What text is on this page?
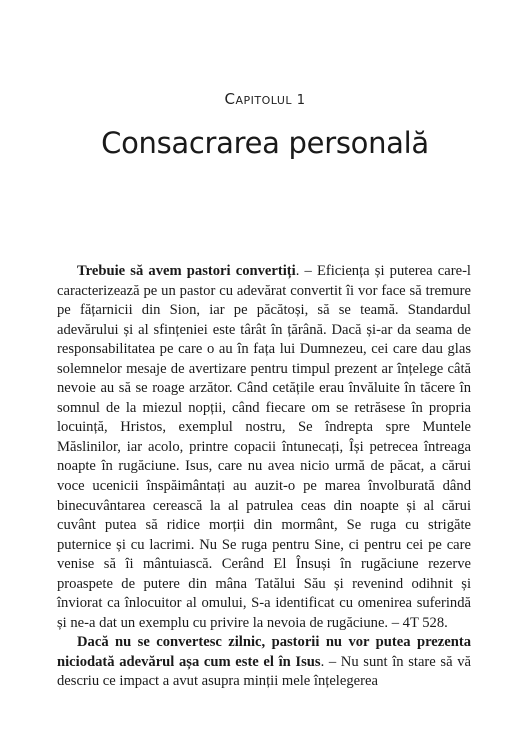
CAPITOLUL 1
Consacrarea personală

Trebuie să avem pastori convertiți. – Eficiența și puterea care-l caracterizează pe un pastor cu adevărat convertit îi vor face să tremure pe fățarnicii din Sion, iar pe păcătoși, să se teamă. Standardul adevărului și al sfințeniei este târât în țărână. Dacă și-ar da seama de responsabilitatea pe care o au în fața lui Dumnezeu, cei care dau glas solemnelor mesaje de avertizare pentru timpul prezent ar înțelege câtă nevoie au să se roage arzător. Când cetățile erau învăluite în tăcere în somnul de la miezul nopții, când fiecare om se retrăsese în propria locuință, Hristos, exemplul nostru, Se îndrepta spre Muntele Măslinilor, iar acolo, printre copacii întunecați, Își petrecea întreaga noapte în rugăciune. Isus, care nu avea nicio urmă de păcat, a cărui voce ucenicii înspăimântați au auzit-o pe marea învolburată dând binecuvântarea cerească la al patrulea ceas din noapte și al cărui cuvânt putea să ridice morții din mormânt, Se ruga cu strigăte puternice și cu lacrimi. Nu Se ruga pentru Sine, ci pentru cei pe care venise să îi mântuiască. Cerând El Însuși în rugăciune rezerve proaspete de putere din mâna Tatălui Său și revenind odihnit și înviorat ca înlocuitor al omului, S-a identificat cu omenirea suferindă și ne-a dat un exemplu cu privire la nevoia de rugăciune. – 4T 528.

Dacă nu se convertesc zilnic, pastorii nu vor putea prezenta niciodată adevărul așa cum este el în Isus. – Nu sunt în stare să vă descriu ce impact a avut asupra minții mele înțelegerea
